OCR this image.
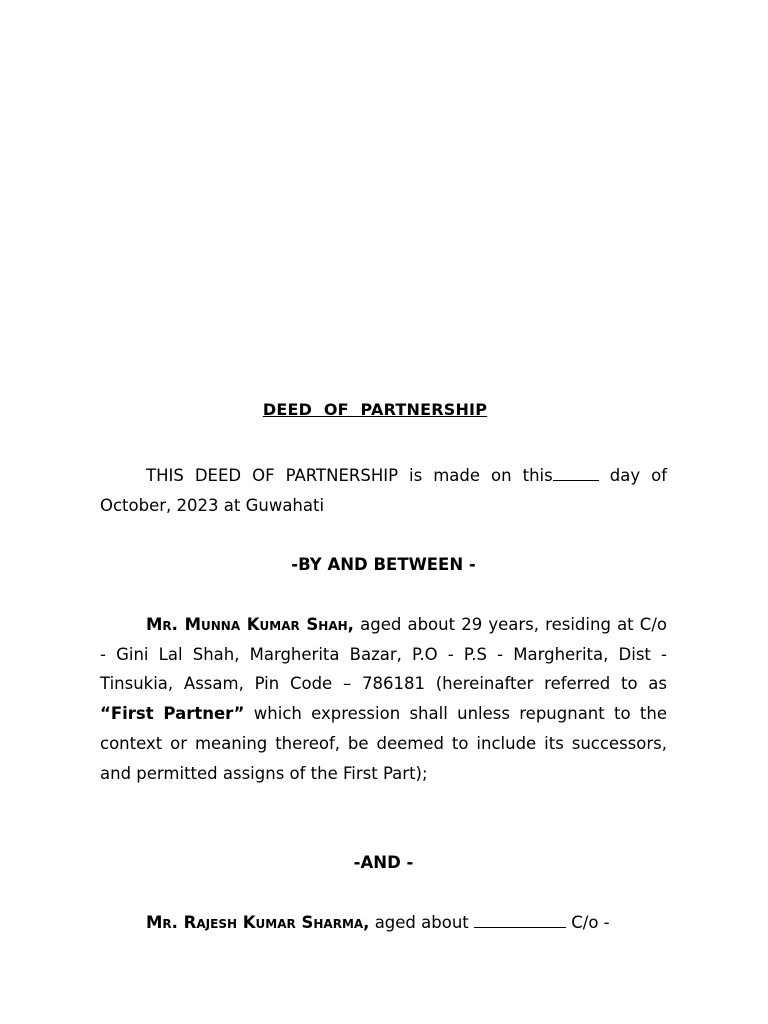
DEED OF PARTNERSHIP

THIS DEED OF PARTNERSHIP is made on this	day of October, 2023 at Guwahati

-BY AND BETWEEN -

Mr. Munna Kumar Shah, aged about 29 years, residing at C/o - Gini Lal Shah, Margherita Bazar, P.O - P.S - Margherita, Dist - Tinsukia, Assam, Pin Code – 786181 (hereinafter referred to as “First Partner” which expression shall unless repugnant to the context or meaning thereof, be deemed to include its successors, and permitted assigns of the First Part);

-AND -

Mr. Rajesh Kumar Sharma, aged about	C/o -
